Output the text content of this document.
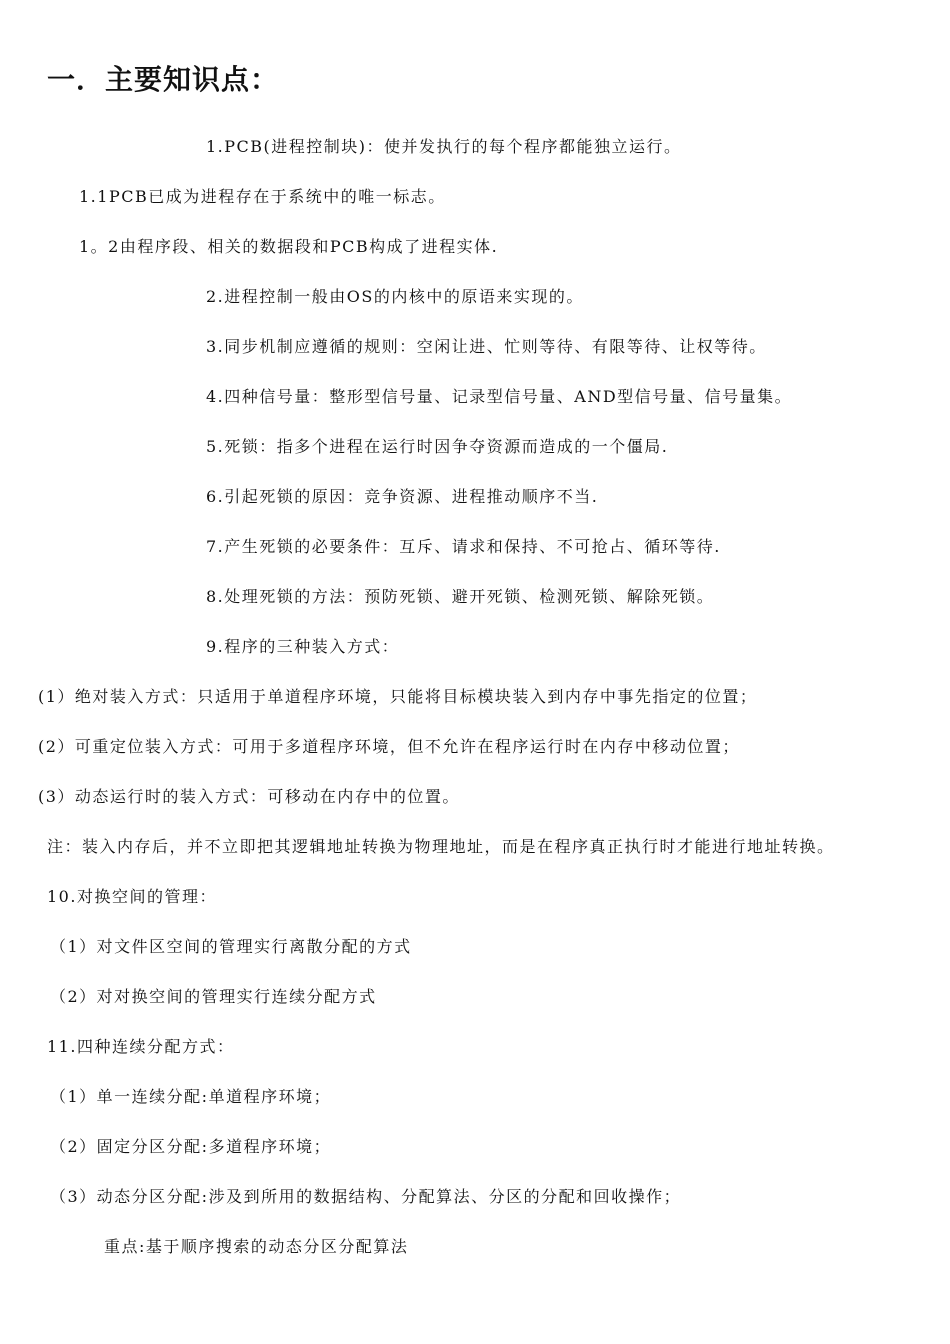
一．主要知识点：
1.PCB(进程控制块)：使并发执行的每个程序都能独立运行。
1.1PCB已成为进程存在于系统中的唯一标志。
1。2由程序段、相关的数据段和PCB构成了进程实体.
2.进程控制一般由OS的内核中的原语来实现的。
3.同步机制应遵循的规则：空闲让进、忙则等待、有限等待、让权等待。
4.四种信号量：整形型信号量、记录型信号量、AND型信号量、信号量集。
5.死锁：指多个进程在运行时因争夺资源而造成的一个僵局.
6.引起死锁的原因：竞争资源、进程推动顺序不当.
7.产生死锁的必要条件：互斥、请求和保持、不可抢占、循环等待.
8.处理死锁的方法：预防死锁、避开死锁、检测死锁、解除死锁。
9.程序的三种装入方式：
(1）绝对装入方式：只适用于单道程序环境，只能将目标模块装入到内存中事先指定的位置；
(2）可重定位装入方式：可用于多道程序环境，但不允许在程序运行时在内存中移动位置；
(3）动态运行时的装入方式：可移动在内存中的位置。
注：装入内存后，并不立即把其逻辑地址转换为物理地址，而是在程序真正执行时才能进行地址转换。
10.对换空间的管理：
（1）对文件区空间的管理实行离散分配的方式
（2）对对换空间的管理实行连续分配方式
11.四种连续分配方式：
（1）单一连续分配:单道程序环境；
（2）固定分区分配:多道程序环境；
（3）动态分区分配:涉及到所用的数据结构、分配算法、分区的分配和回收操作；
重点:基于顺序搜索的动态分区分配算法
